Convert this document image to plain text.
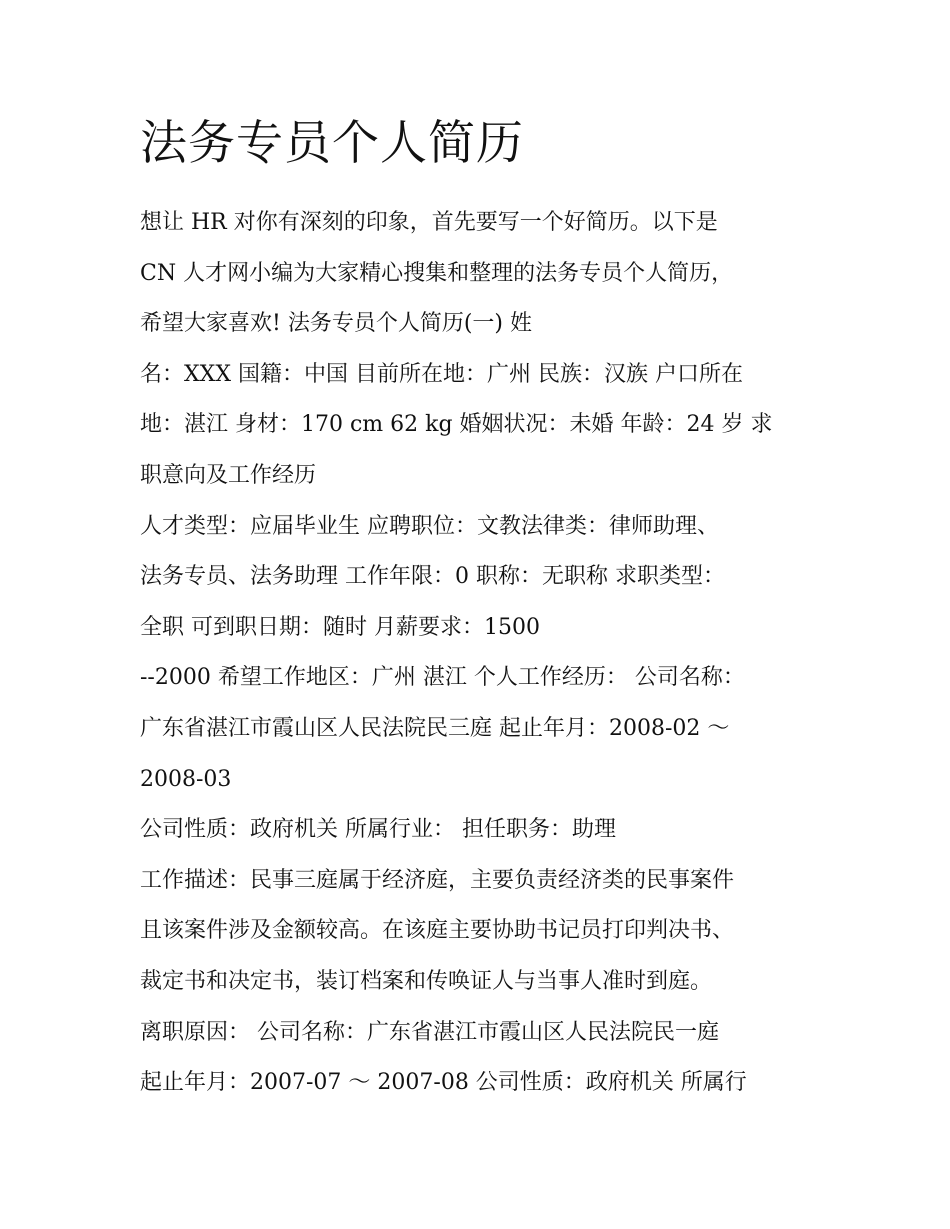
法务专员个人简历
想让 HR 对你有深刻的印象，首先要写一个好简历。以下是
CN 人才网小编为大家精心搜集和整理的法务专员个人简历，
希望大家喜欢! 法务专员个人简历(一) 姓
名：XXX 国籍：中国 目前所在地：广州 民族：汉族 户口所在
地：湛江 身材：170 cm 62 kg 婚姻状况：未婚 年龄：24 岁 求
职意向及工作经历
人才类型：应届毕业生 应聘职位：文教法律类：律师助理、
法务专员、法务助理 工作年限：0 职称：无职称 求职类型：
全职 可到职日期：随时 月薪要求：1500
--2000 希望工作地区：广州 湛江 个人工作经历： 公司名称：
广东省湛江市霞山区人民法院民三庭 起止年月：2008-02 ～
2008-03
公司性质：政府机关 所属行业： 担任职务：助理
工作描述：民事三庭属于经济庭，主要负责经济类的民事案件
且该案件涉及金额较高。在该庭主要协助书记员打印判决书、
裁定书和决定书，装订档案和传唤证人与当事人准时到庭。
离职原因： 公司名称：广东省湛江市霞山区人民法院民一庭
起止年月：2007-07 ～ 2007-08 公司性质：政府机关 所属行
